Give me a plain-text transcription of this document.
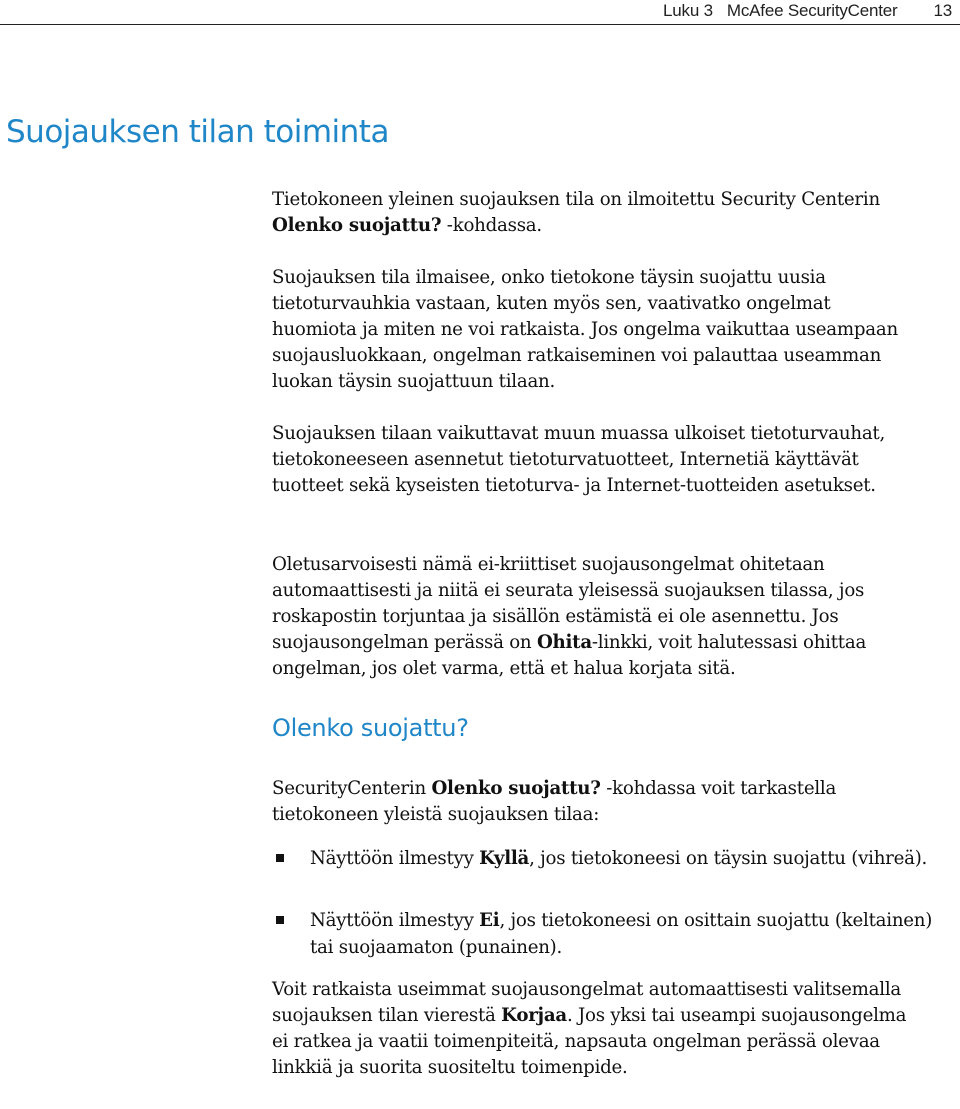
Luku 3 McAfee SecurityCenter 13
Suojauksen tilan toiminta

Tietokoneen yleinen suojauksen tila on ilmoitettu Security Centerin Olenko suojattu? -kohdassa.

Suojauksen tila ilmaisee, onko tietokone täysin suojattu uusia tietoturvauhkia vastaan, kuten myös sen, vaativatko ongelmat huomiota ja miten ne voi ratkaista. Jos ongelma vaikuttaa useampaan suojausluokkaan, ongelman ratkaiseminen voi palauttaa useamman luokan täysin suojattuun tilaan.

Suojauksen tilaan vaikuttavat muun muassa ulkoiset tietoturvauhat, tietokoneeseen asennetut tietoturvatuotteet, Internetiä käyttävät tuotteet sekä kyseisten tietoturva- ja Internet-tuotteiden asetukset.

Oletusarvoisesti nämä ei-kriittiset suojausongelmat ohitetaan automaattisesti ja niitä ei seurata yleisessä suojauksen tilassa, jos roskapostin torjuntaa ja sisällön estämistä ei ole asennettu. Jos suojausongelman perässä on Ohita-linkki, voit halutessasi ohittaa ongelman, jos olet varma, että et halua korjata sitä.

Olenko suojattu?

SecurityCenterin Olenko suojattu? -kohdassa voit tarkastella tietokoneen yleistä suojauksen tilaa:

Näyttöön ilmestyy Kyllä, jos tietokoneesi on täysin suojattu (vihreä).

Näyttöön ilmestyy Ei, jos tietokoneesi on osittain suojattu (keltainen) tai suojaamaton (punainen).

Voit ratkaista useimmat suojausongelmat automaattisesti valitsemalla suojauksen tilan vierestä Korjaa. Jos yksi tai useampi suojausongelma ei ratkea ja vaatii toimenpiteitä, napsauta ongelman perässä olevaa linkkiä ja suorita suositeltu toimenpide.
